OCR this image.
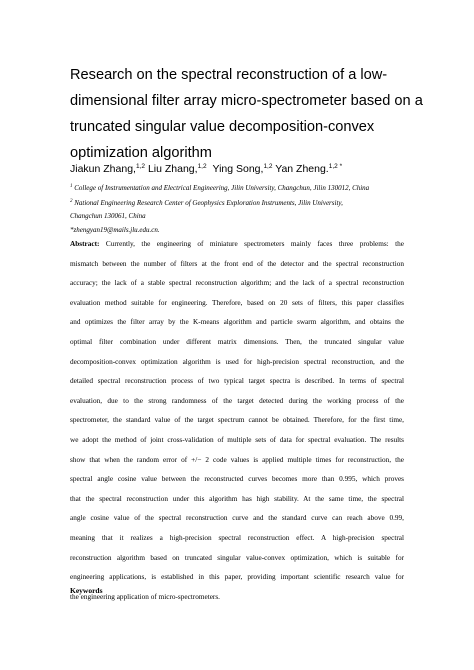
Research on the spectral reconstruction of a low-
dimensional filter array micro-spectrometer based on a
truncated singular value decomposition-convex
optimization algorithm
Jiakun Zhang,$^{1,2}$ Liu Zhang,$^{1,2}$ Ying Song,$^{1,2}$ Yan Zheng.$^{1,2 *}$
$^1$ College of Instrumentation and Electrical Engineering, Jilin University, Changchun, Jilin 130012, China
$^2$ National Engineering Research Center of Geophysics Exploration Instruments, Jilin University,
Changchun 130061, China
*zhengyan19@mails.jlu.edu.cn.
Abstract: Currently, the engineering of miniature spectrometers mainly faces three problems: the
mismatch between the number of filters at the front end of the detector and the spectral reconstruction
accuracy; the lack of a stable spectral reconstruction algorithm; and the lack of a spectral reconstruction
evaluation method suitable for engineering. Therefore, based on 20 sets of filters, this paper classifies
and optimizes the filter array by the K-means algorithm and particle swarm algorithm, and obtains the
optimal filter combination under different matrix dimensions. Then, the truncated singular value
decomposition-convex optimization algorithm is used for high-precision spectral reconstruction, and the
detailed spectral reconstruction process of two typical target spectra is described. In terms of spectral
evaluation, due to the strong randomness of the target detected during the working process of the
spectrometer, the standard value of the target spectrum cannot be obtained. Therefore, for the first time,
we adopt the method of joint cross-validation of multiple sets of data for spectral evaluation. The results
show that when the random error of +/− 2 code values is applied multiple times for reconstruction, the
spectral angle cosine value between the reconstructed curves becomes more than 0.995, which proves
that the spectral reconstruction under this algorithm has high stability. At the same time, the spectral
angle cosine value of the spectral reconstruction curve and the standard curve can reach above 0.99,
meaning that it realizes a high-precision spectral reconstruction effect. A high-precision spectral
reconstruction algorithm based on truncated singular value-convex optimization, which is suitable for
engineering applications, is established in this paper, providing important scientific research value for
the engineering application of micro-spectrometers.
Keywords
